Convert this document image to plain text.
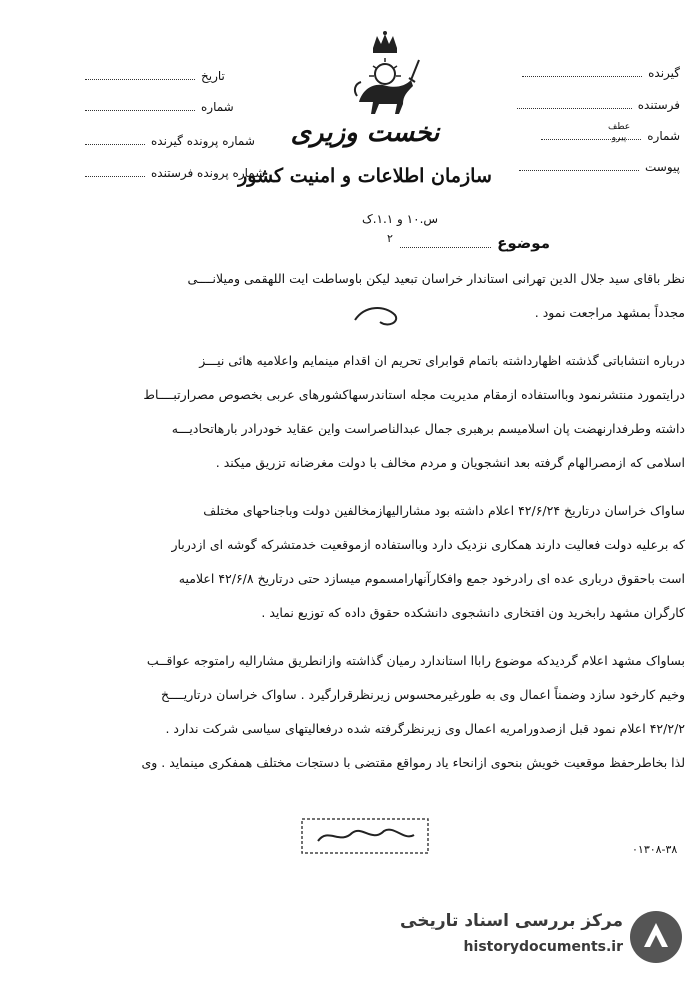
نخست وزیری
سازمان اطلاعات و امنیت کشور
س.۱۰ و ۱.۱.ک
۲
گیرنده
فرستنده
شماره
عطف
پیرو
پیوست
تاریخ
شماره
شماره پرونده گیرنده
شماره پرونده فرستنده
موضوع

نظر باقای سید جلال الدین تهرانی استاندار خراسان تبعید لیکن باوساطت ایت اللهقمی ومیلانــــی

مجدداً بمشهد مراجعت نمود .

درباره انتشاباتی گذشته اظهارداشته باتمام قوابرای تحریم ان اقدام مینمایم واعلامیه هائی نیـــز

درایتمورد منتشرنمود وبااستفاده ازمقام مدیریت مجله استاندرسهاکشورهای عربی بخصوص مصرارتبــــاط

داشته وطرفدارنهضت پان اسلامیسم برهبری جمال عبدالناصراست واین عقاید خودرادر بارهاتحادیـــه

اسلامی که ازمصرالهام گرفته بعد انشجویان و مردم مخالف با دولت مغرضانه تزریق میکند .

ساواک خراسان درتاریخ ۴۲/۶/۲۴ اعلام داشته بود مشارالیهازمخالفین دولت وباجناحهای مختلف

که برعلیه دولت فعالیت دارند همکاری نزدیک دارد وبااستفاده ازموقعیت خدمتشرکه گوشه ای ازدربار

است باحقوق درباری عده ای رادرخود جمع وافکارآنهارامسموم میسازد حتی درتاریخ ۴۲/۶/۸ اعلامیه

کارگران مشهد رابخرید ون افتخاری دانشجوی دانشکده حقوق داده که توزیع نماید .

بساواک مشهد اعلام گردیدکه موضوع راباا استاندارد رمیان گذاشته وازانطریق مشارالیه رامتوجه عواقــب

وخیم کارخود سازد وضمناً اعمال وی به طورغیرمحسوس زیرنظرقرارگیرد . ساواک خراسان درتاریــــخ

۴۲/۲/۲ اعلام نمود قبل ازصدورامریه اعمال وی زیرنظرگرفته شده درفعالیتهای سیاسی شرکت ندارد .

لذا بخاطرحفظ موقعیت خویش بنحوی ازانحاء یاد رمواقع مقتضی با دستجات مختلف همفکری مینماید . وی

۰۱۳۰۸-۳۸
مرکز بررسی اسناد تاریخی
historydocuments.ir
